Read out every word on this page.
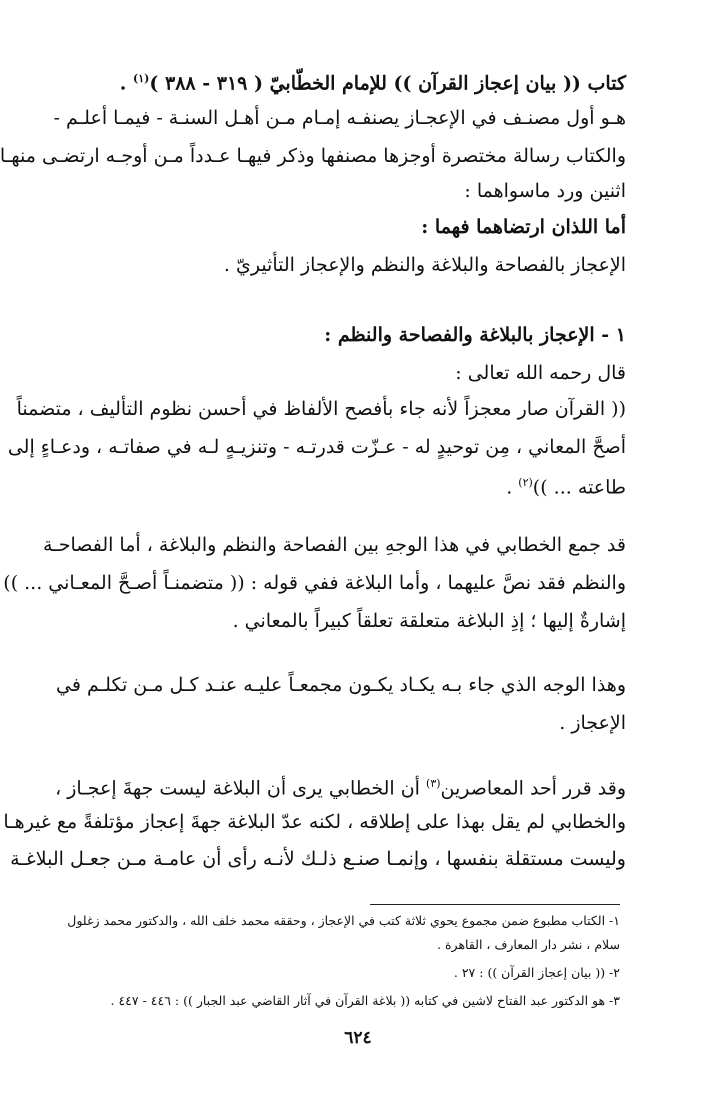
كتاب (( بيان إعجاز القرآن )) للإمام الخطّابيّ ( ٣١٩ - ٣٨٨ )$^{(١)}$ .
هـو أول مصنـف في الإعجـاز يصنفـه إمـام مـن أهـل السنـة - فيمـا أعلـم -
والكتاب رسالة مختصرة أوجزها مصنفها وذكر فيهـا عـدداً مـن أوجـه ارتضـى منهـا
اثنين ورد ماسواهما :
أما اللذان ارتضاهما فهما :
الإعجاز بالفصاحة والبلاغة والنظم والإعجاز التأثيريّ .
١ - الإعجاز بالبلاغة والفصاحة والنظم :
قال رحمه الله تعالى :
(( القرآن صار معجزاً لأنه جاء بأفصح الألفاظ في أحسن نظوم التأليف ، متضمناً
أصحَّ المعاني ، مِن توحيدٍ له - عـزّت قدرتـه - وتنزيـهٍ لـه في صفاتـه ، ودعـاءٍ إلى
طاعته ... ))$^{(٢)}$ .
قد جمع الخطابي في هذا الوجهِ بين الفصاحة والنظم والبلاغة ، أما الفصاحـة
والنظم فقد نصَّ عليهما ، وأما البلاغة ففي قوله : (( متضمنـاً أصـحَّ المعـاني ... ))
إشارةٌ إليها ؛ إذِ البلاغة متعلقة تعلقاً كبيراً بالمعاني .
وهذا الوجه الذي جاء بـه يكـاد يكـون مجمعـاً عليـه عنـد كـل مـن تكلـم في
الإعجاز .
وقد قرر أحد المعاصرين$^{(٣)}$ أن الخطابي يرى أن البلاغة ليست جهةَ إعجـاز ،
والخطابي لم يقل بهذا على إطلاقه ، لكنه عدّ البلاغة جهةَ إعجاز مؤتلفةً مع غيرهـا
وليست مستقلة بنفسها ، وإنمـا صنـع ذلـك لأنـه رأى أن عامـة مـن جعـل البلاغـة
١- الكتاب مطبوع ضمن مجموع يحوي ثلاثة كتب في الإعجاز ، وحققه محمد خلف الله ، والدكتور محمد زغلول
سلام ، نشر دار المعارف ، القاهرة .
٢- (( بيان إعجاز القرآن )) : ٢٧ .
٣- هو الدكتور عبد الفتاح لاشين في كتابه (( بلاغة القرآن في آثار القاضي عبد الجبار )) : ٤٤٦ - ٤٤٧ .
٦٢٤
